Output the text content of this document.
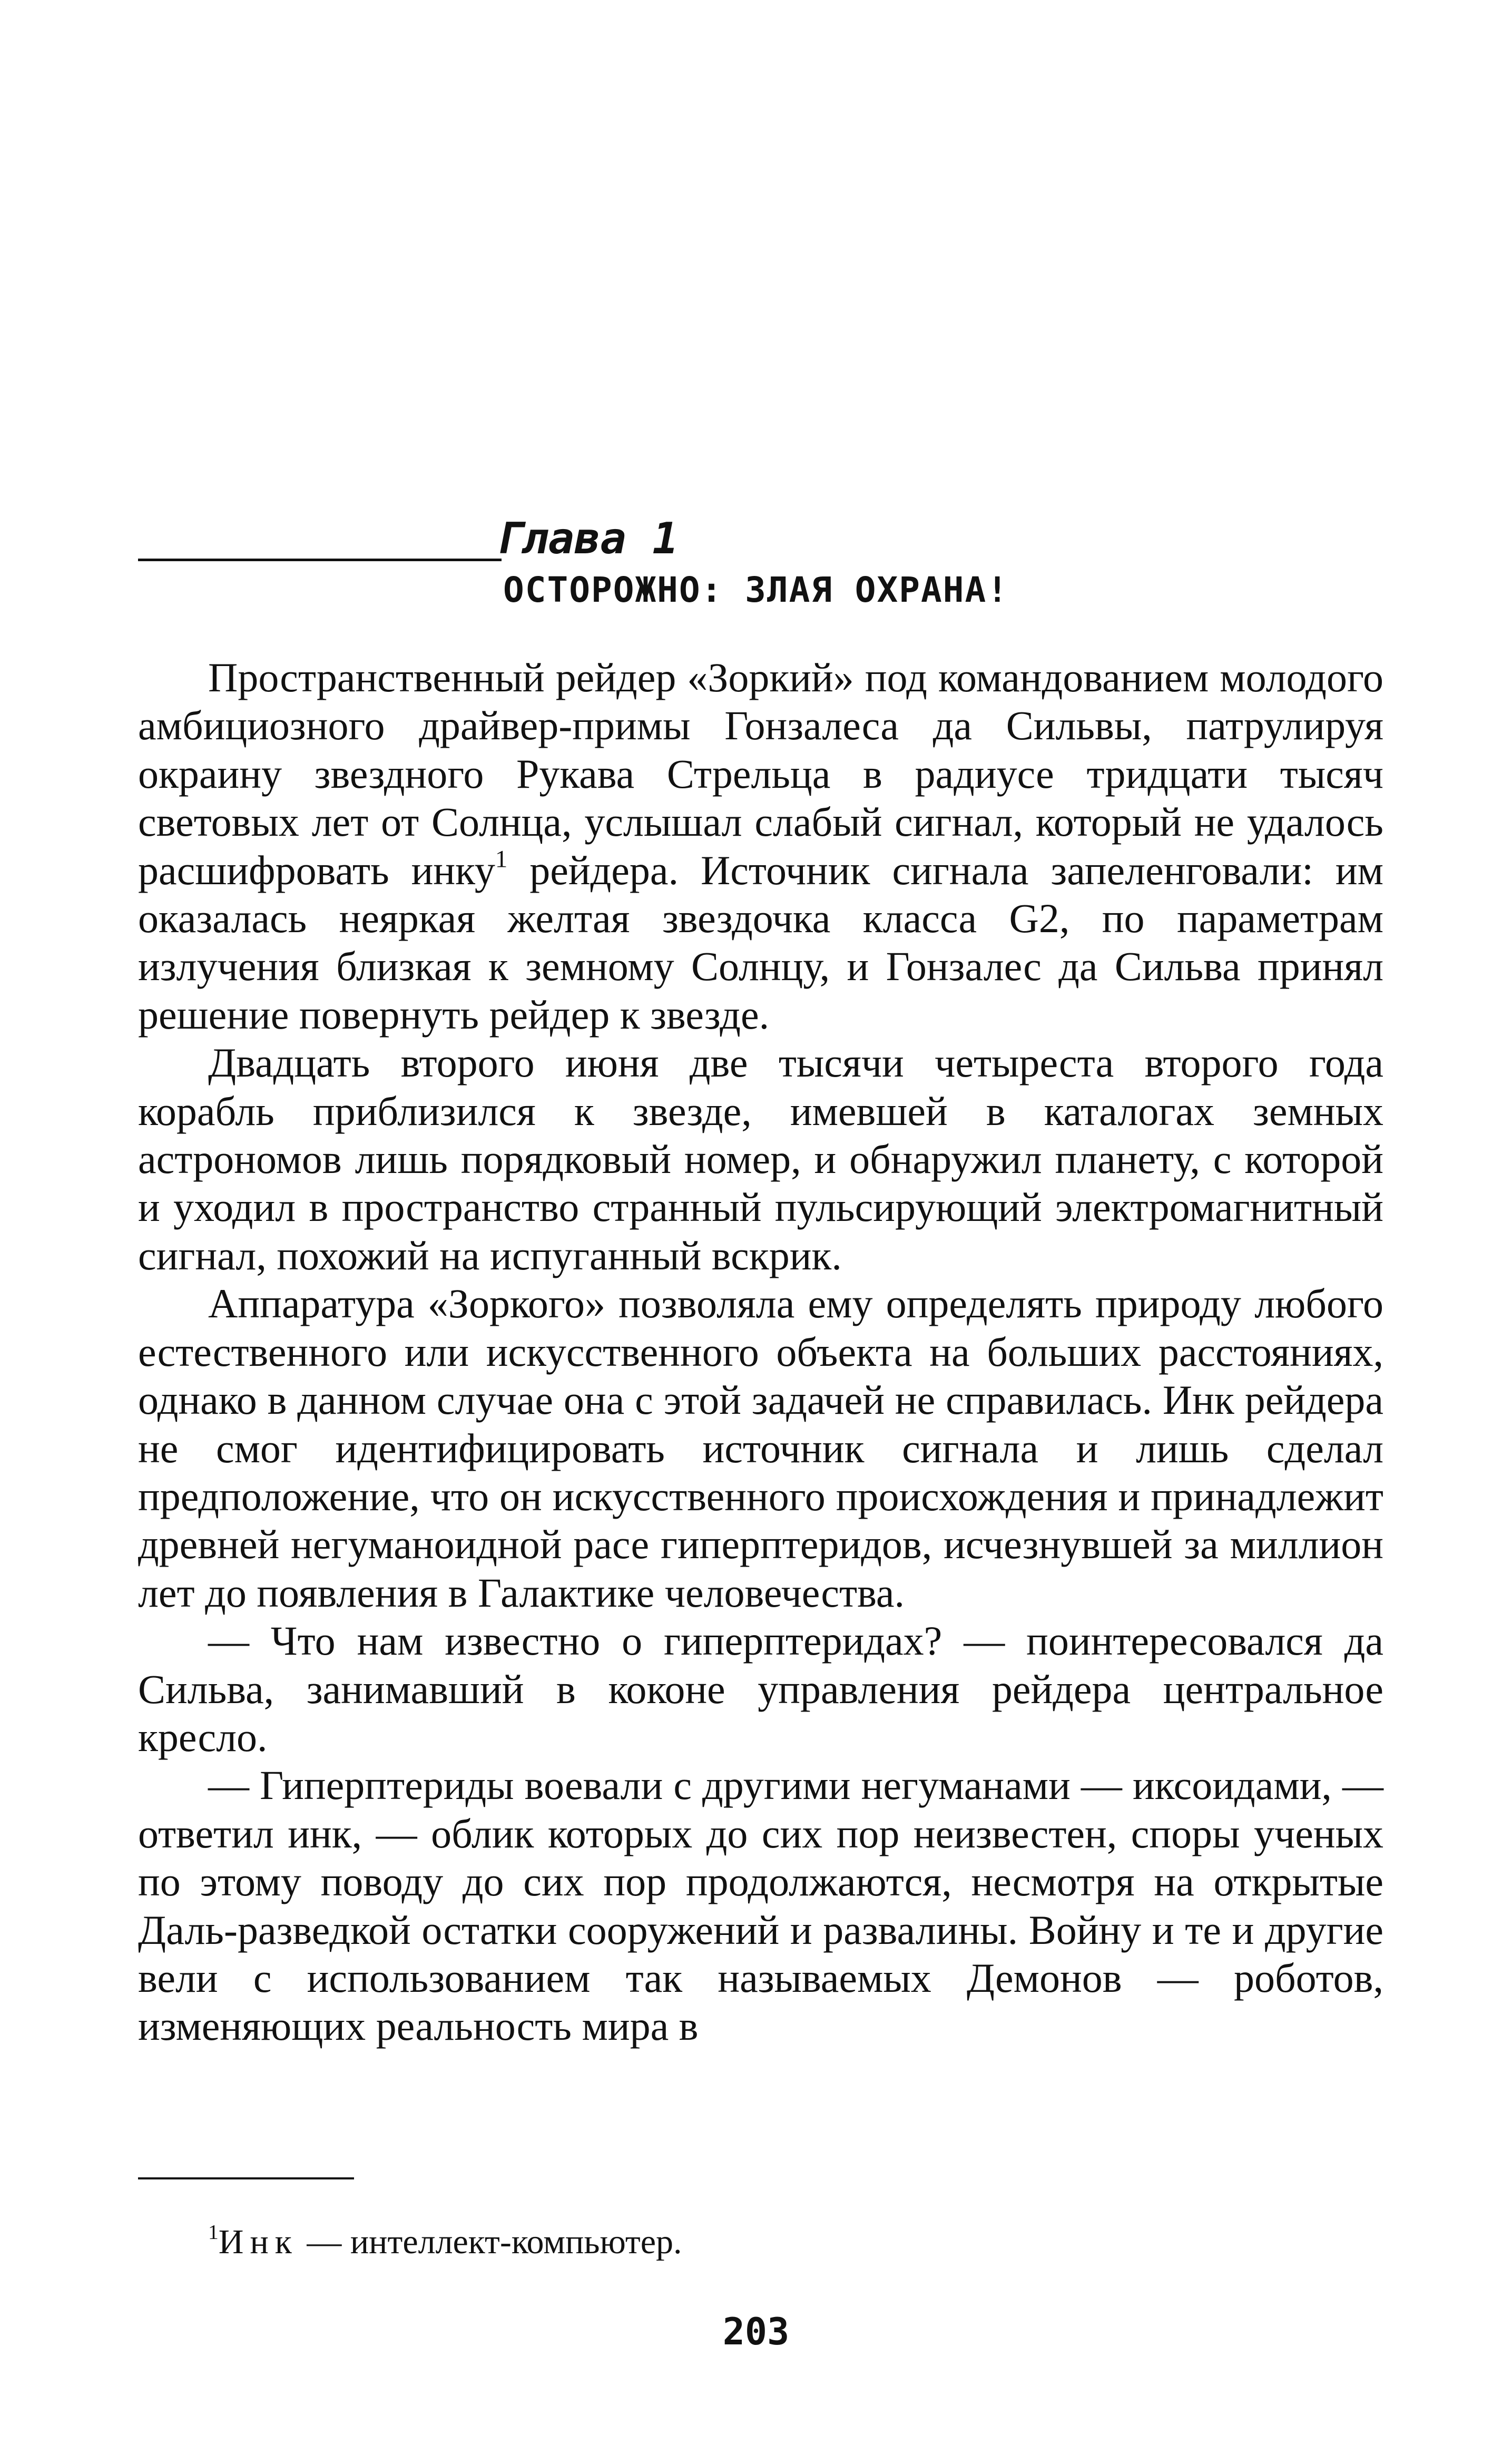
Глава 1
ОСТОРОЖНО: ЗЛАЯ ОХРАНА!

Пространственный рейдер «Зоркий» под командованием молодого амбициозного драйвер-примы Гонзалеса да Сильвы, патрулируя окраину звездного Рукава Стрельца в радиусе тридцати тысяч световых лет от Солнца, услышал слабый сигнал, который не удалось расшифровать инку$^1$ рейдера. Источник сигнала запеленговали: им оказалась неяркая желтая звездочка класса G2, по параметрам излучения близкая к земному Солнцу, и Гонзалес да Сильва принял решение повернуть рейдер к звезде.

Двадцать второго июня две тысячи четыреста второго года корабль приблизился к звезде, имевшей в каталогах земных астрономов лишь порядковый номер, и обнаружил планету, с которой и уходил в пространство странный пульсирующий электромагнитный сигнал, похожий на испуганный вскрик.

Аппаратура «Зоркого» позволяла ему определять природу любого естественного или искусственного объекта на больших расстояниях, однако в данном случае она с этой задачей не справилась. Инк рейдера не смог идентифицировать источник сигнала и лишь сделал предположение, что он искусственного происхождения и принадлежит древней негуманоидной расе гиперптеридов, исчезнувшей за миллион лет до появления в Галактике человечества.

— Что нам известно о гиперптеридах? — поинтересовался да Сильва, занимавший в коконе управления рейдера центральное кресло.

— Гиперптериды воевали с другими негуманами — иксоидами, — ответил инк, — облик которых до сих пор неизвестен, споры ученых по этому поводу до сих пор продолжаются, несмотря на открытые Даль-разведкой остатки сооружений и развалины. Войну и те и другие вели с использованием так называемых Демонов — роботов, изменяющих реальность мира в

$^1$Инк — интеллект-компьютер.
203
